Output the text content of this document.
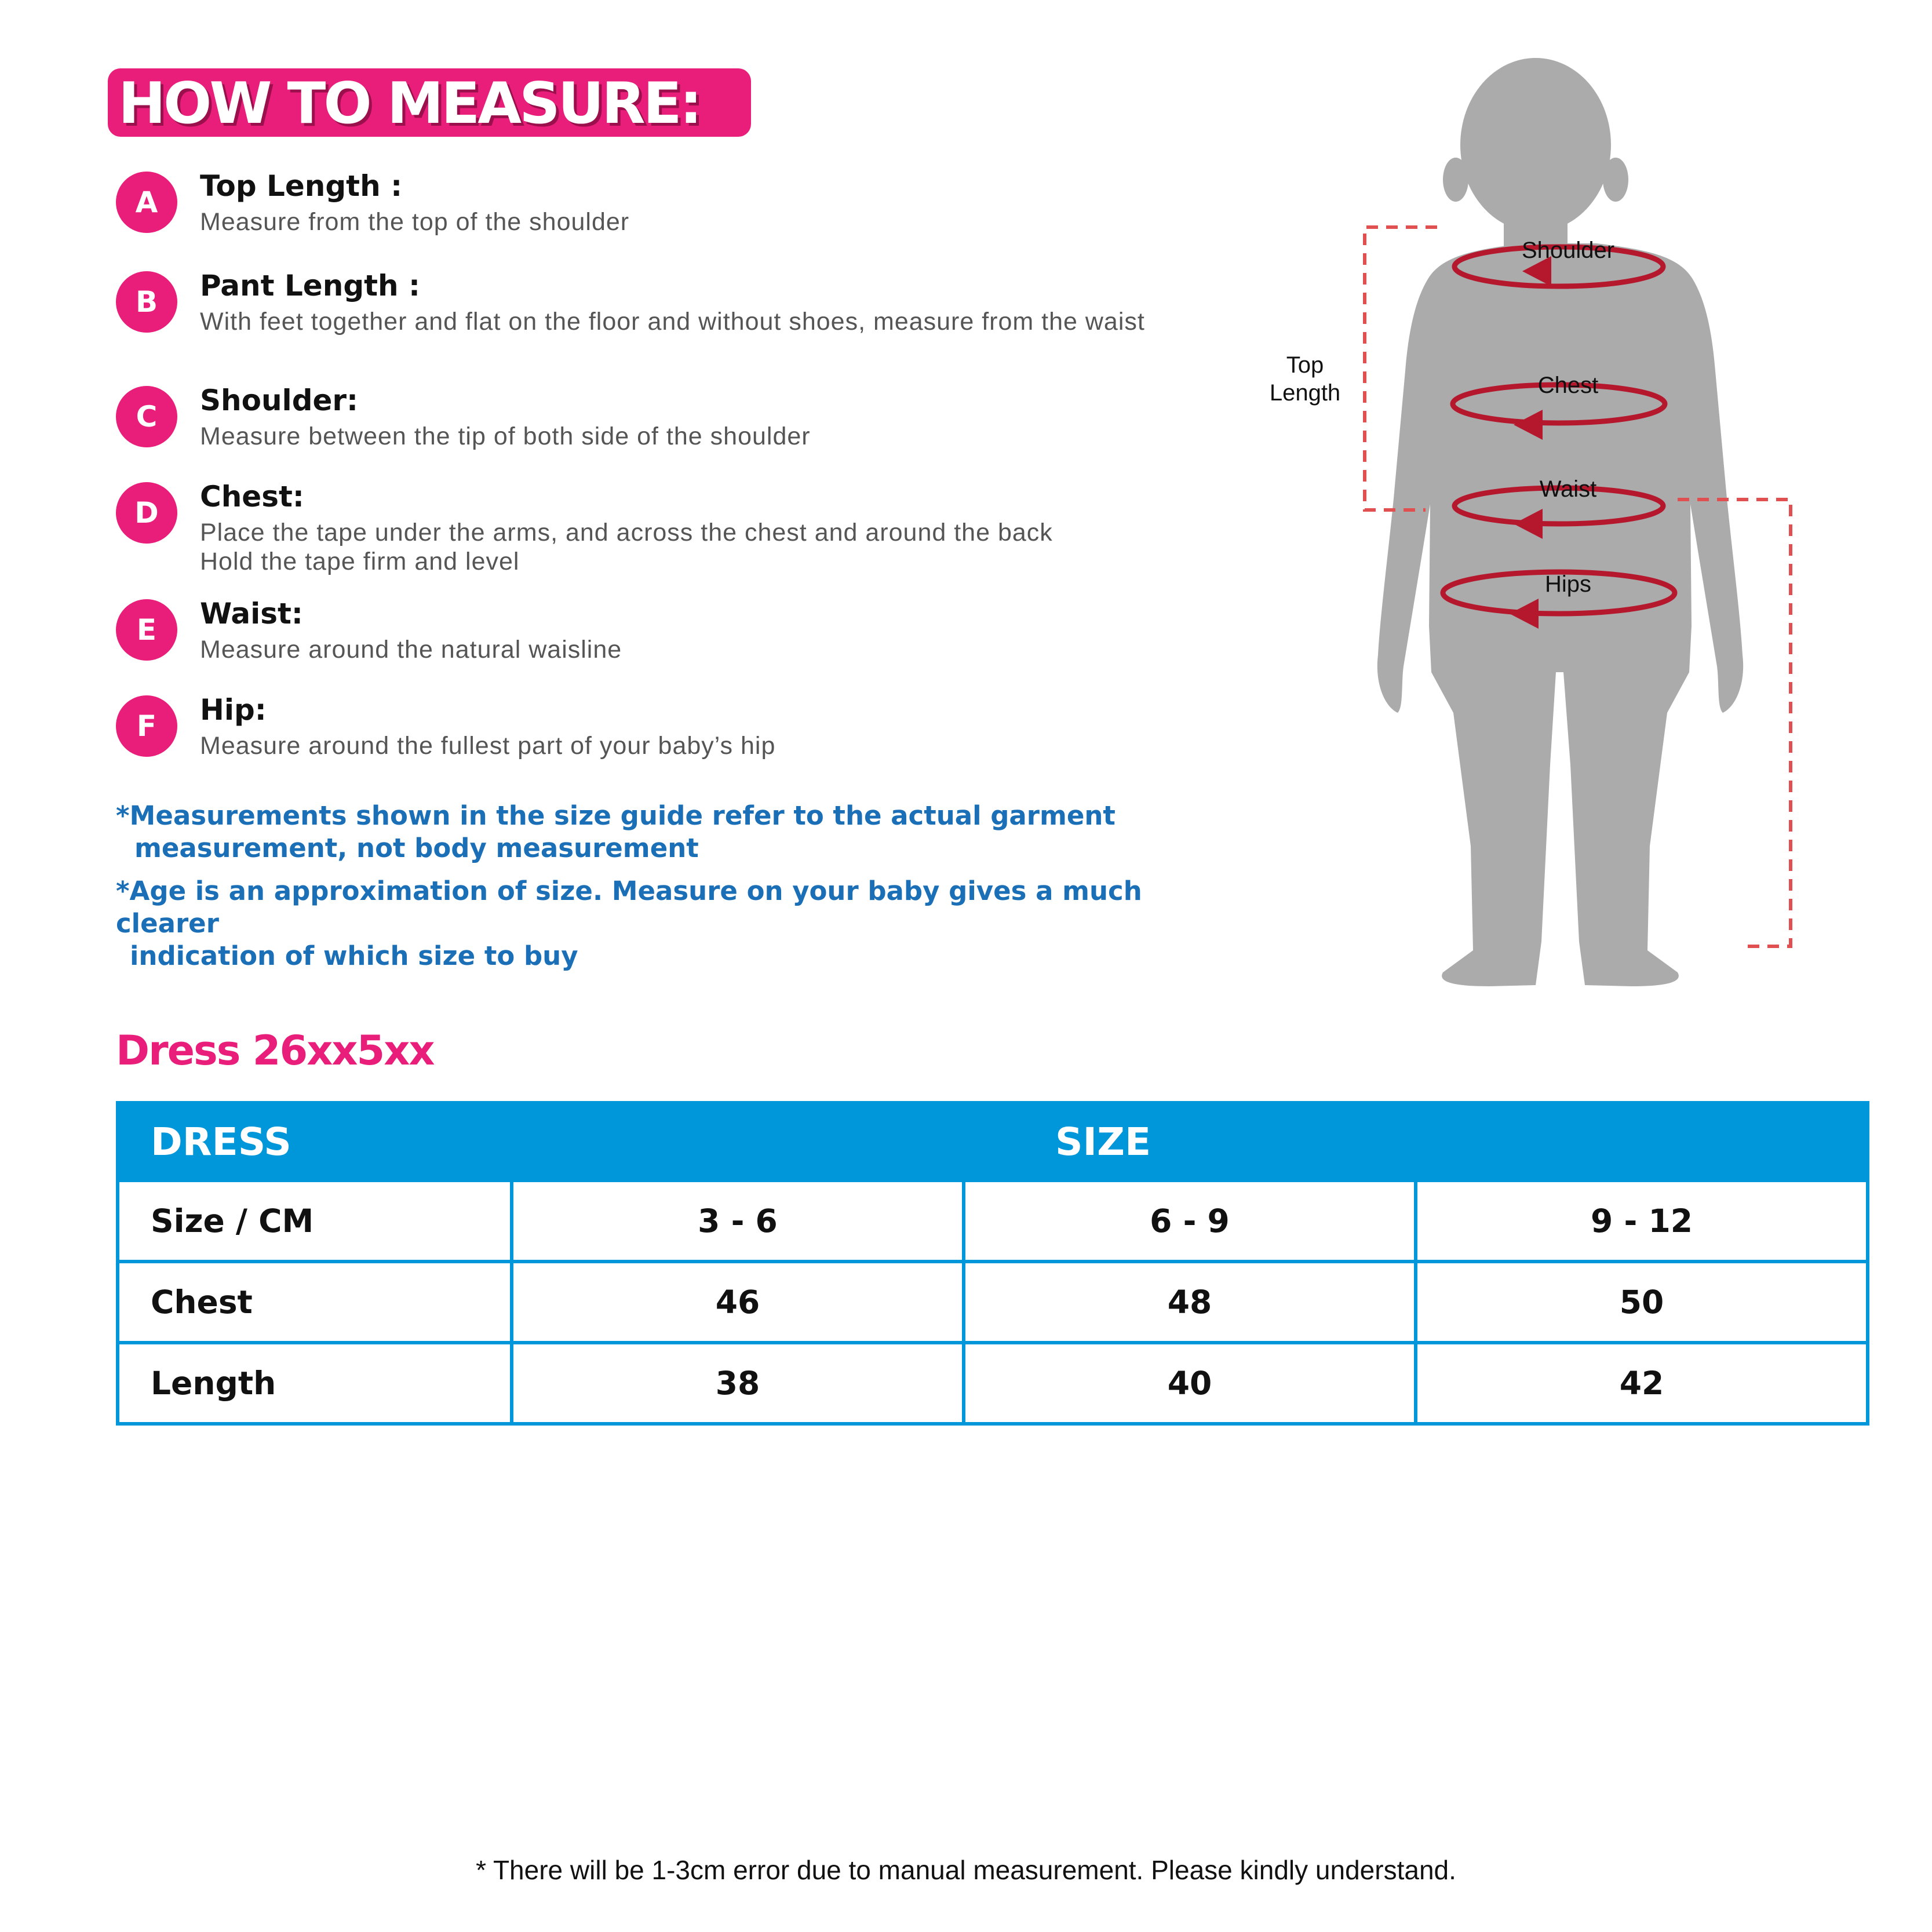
HOW TO MEASURE:
A	Top Length :
Measure from the top of the shoulder
B	Pant Length :
With feet together and flat on the floor and without shoes, measure from the waist
C	Shoulder:
Measure between the tip of both side of the shoulder
D	Chest:
Place the tape under the arms, and across the chest and around the back
Hold the tape firm and level
E	Waist:
Measure around the natural waisline
F	Hip:
Measure around the fullest part of your baby’s hip
*Measurements shown in the size guide refer to the actual garment
measurement, not body measurement
*Age is an approximation of size. Measure on your baby gives a much clearer
indication of which size to buy
Top
Length
Shoulder
Chest
Waist
Hips
Dress 26xx5xx
DRESS	SIZE		
Size / CM	3 - 6	6 - 9	9 - 12
Chest	46	48	50
Length	38	40	42
* There will be 1-3cm error due to manual measurement. Please kindly understand.
